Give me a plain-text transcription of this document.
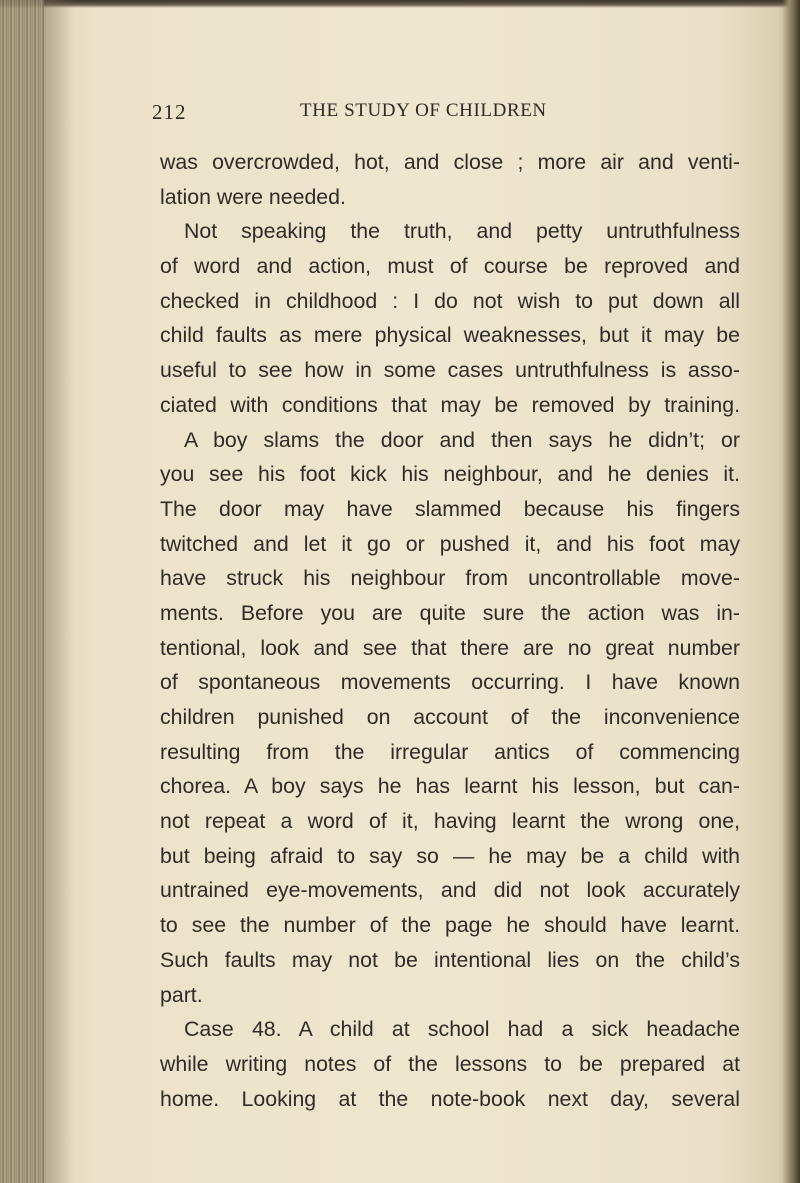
212	THE STUDY OF CHILDREN
was overcrowded, hot, and close ; more air and venti-
lation were needed.
Not speaking the truth, and petty untruthfulness
of word and action, must of course be reproved and
checked in childhood : I do not wish to put down all
child faults as mere physical weaknesses, but it may be
useful to see how in some cases untruthfulness is asso-
ciated with conditions that may be removed by training.
A boy slams the door and then says he didn’t; or
you see his foot kick his neighbour, and he denies it.
The door may have slammed because his fingers
twitched and let it go or pushed it, and his foot may
have struck his neighbour from uncontrollable move-
ments. Before you are quite sure the action was in-
tentional, look and see that there are no great number
of spontaneous movements occurring. I have known
children punished on account of the inconvenience
resulting from the irregular antics of commencing
chorea. A boy says he has learnt his lesson, but can-
not repeat a word of it, having learnt the wrong one,
but being afraid to say so — he may be a child with
untrained eye-movements, and did not look accurately
to see the number of the page he should have learnt.
Such faults may not be intentional lies on the child’s
part.
Case 48. A child at school had a sick headache
while writing notes of the lessons to be prepared at
home. Looking at the note-book next day, several
